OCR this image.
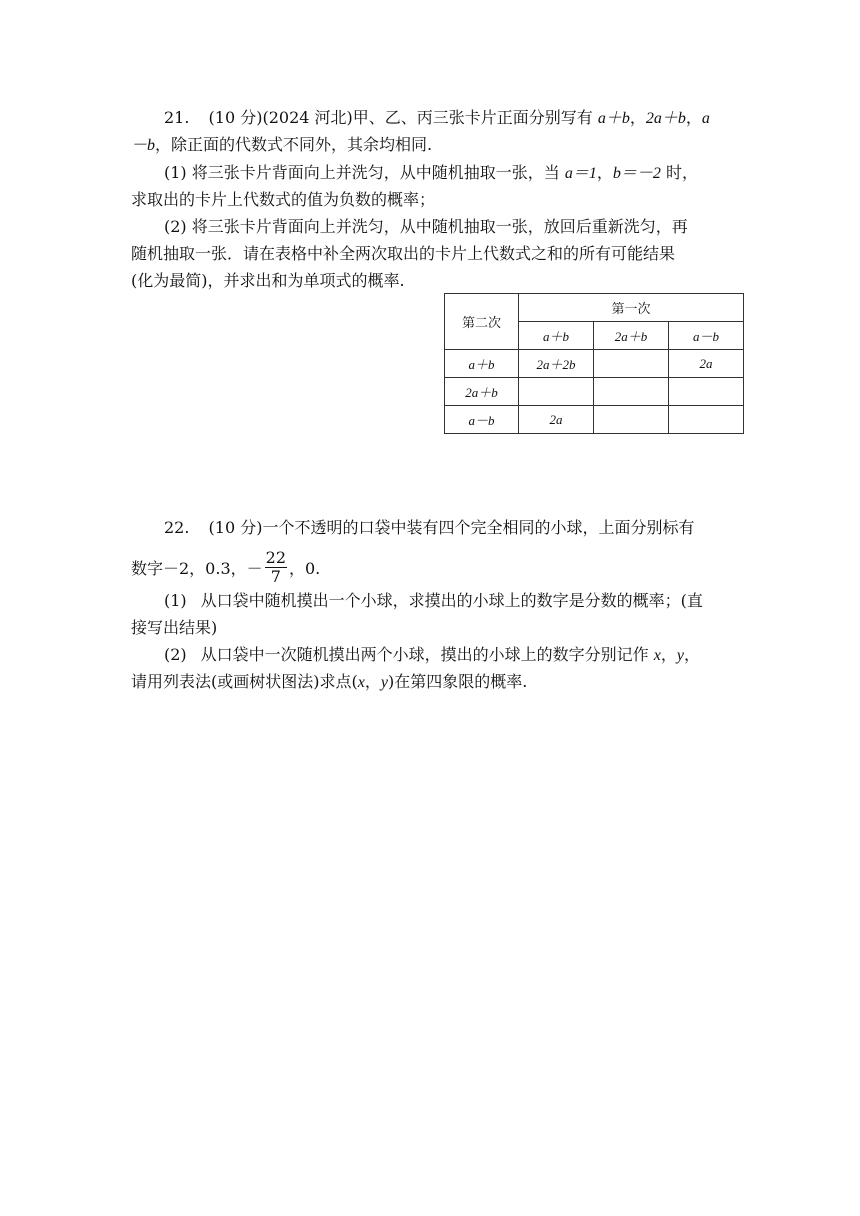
21. (10 分)(2024 河北)甲、乙、丙三张卡片正面分别写有 a＋b，2a＋b，a
－b，除正面的代数式不同外，其余均相同.
(1) 将三张卡片背面向上并洗匀，从中随机抽取一张，当 a＝1，b＝－2 时，
求取出的卡片上代数式的值为负数的概率；
(2) 将三张卡片背面向上并洗匀，从中随机抽取一张，放回后重新洗匀，再
随机抽取一张．请在表格中补全两次取出的卡片上代数式之和的所有可能结果
(化为最简)，并求出和为单项式的概率.
第二次	第一次		
	a＋b	2a＋b	a－b
a＋b	2a＋2b		2a
2a＋b			
a－b	2a		
22. (10 分)一个不透明的口袋中装有四个完全相同的小球，上面分别标有
数字－2，0.3，－ $\frac{22}{7}$ ，0.
(1) 从口袋中随机摸出一个小球，求摸出的小球上的数字是分数的概率；(直
接写出结果)
(2) 从口袋中一次随机摸出两个小球，摸出的小球上的数字分别记作 x，y，
请用列表法(或画树状图法)求点(x，y)在第四象限的概率.
